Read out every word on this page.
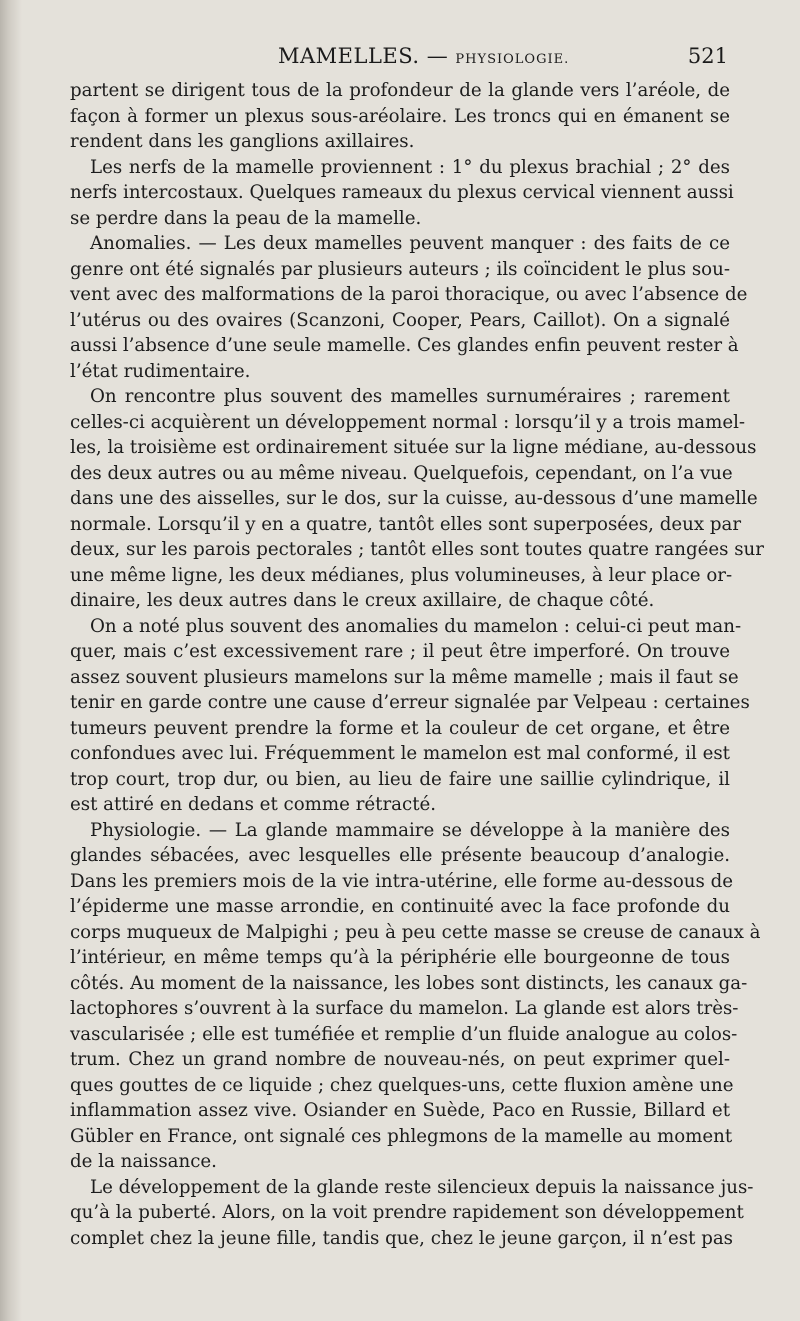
MAMELLES. — PHYSIOLOGIE.	521
partent se dirigent tous de la profondeur de la glande vers l’aréole, de
façon à former un plexus sous-aréolaire. Les troncs qui en émanent se
rendent dans les ganglions axillaires.
Les nerfs de la mamelle proviennent : 1° du plexus brachial ; 2° des
nerfs intercostaux. Quelques rameaux du plexus cervical viennent aussi
se perdre dans la peau de la mamelle.
Anomalies. — Les deux mamelles peuvent manquer : des faits de ce
genre ont été signalés par plusieurs auteurs ; ils coïncident le plus sou-
vent avec des malformations de la paroi thoracique, ou avec l’absence de
l’utérus ou des ovaires (Scanzoni, Cooper, Pears, Caillot). On a signalé
aussi l’absence d’une seule mamelle. Ces glandes enfin peuvent rester à
l’état rudimentaire.
On rencontre plus souvent des mamelles surnuméraires ; rarement
celles-ci acquièrent un développement normal : lorsqu’il y a trois mamel-
les, la troisième est ordinairement située sur la ligne médiane, au-dessous
des deux autres ou au même niveau. Quelquefois, cependant, on l’a vue
dans une des aisselles, sur le dos, sur la cuisse, au-dessous d’une mamelle
normale. Lorsqu’il y en a quatre, tantôt elles sont superposées, deux par
deux, sur les parois pectorales ; tantôt elles sont toutes quatre rangées sur
une même ligne, les deux médianes, plus volumineuses, à leur place or-
dinaire, les deux autres dans le creux axillaire, de chaque côté.
On a noté plus souvent des anomalies du mamelon : celui-ci peut man-
quer, mais c’est excessivement rare ; il peut être imperforé. On trouve
assez souvent plusieurs mamelons sur la même mamelle ; mais il faut se
tenir en garde contre une cause d’erreur signalée par Velpeau : certaines
tumeurs peuvent prendre la forme et la couleur de cet organe, et être
confondues avec lui. Fréquemment le mamelon est mal conformé, il est
trop court, trop dur, ou bien, au lieu de faire une saillie cylindrique, il
est attiré en dedans et comme rétracté.
Physiologie. — La glande mammaire se développe à la manière des
glandes sébacées, avec lesquelles elle présente beaucoup d’analogie.
Dans les premiers mois de la vie intra-utérine, elle forme au-dessous de
l’épiderme une masse arrondie, en continuité avec la face profonde du
corps muqueux de Malpighi ; peu à peu cette masse se creuse de canaux à
l’intérieur, en même temps qu’à la périphérie elle bourgeonne de tous
côtés. Au moment de la naissance, les lobes sont distincts, les canaux ga-
lactophores s’ouvrent à la surface du mamelon. La glande est alors très-
vascularisée ; elle est tuméfiée et remplie d’un fluide analogue au colos-
trum. Chez un grand nombre de nouveau-nés, on peut exprimer quel-
ques gouttes de ce liquide ; chez quelques-uns, cette fluxion amène une
inflammation assez vive. Osiander en Suède, Paco en Russie, Billard et
Gübler en France, ont signalé ces phlegmons de la mamelle au moment
de la naissance.
Le développement de la glande reste silencieux depuis la naissance jus-
qu’à la puberté. Alors, on la voit prendre rapidement son développement
complet chez la jeune fille, tandis que, chez le jeune garçon, il n’est pas
